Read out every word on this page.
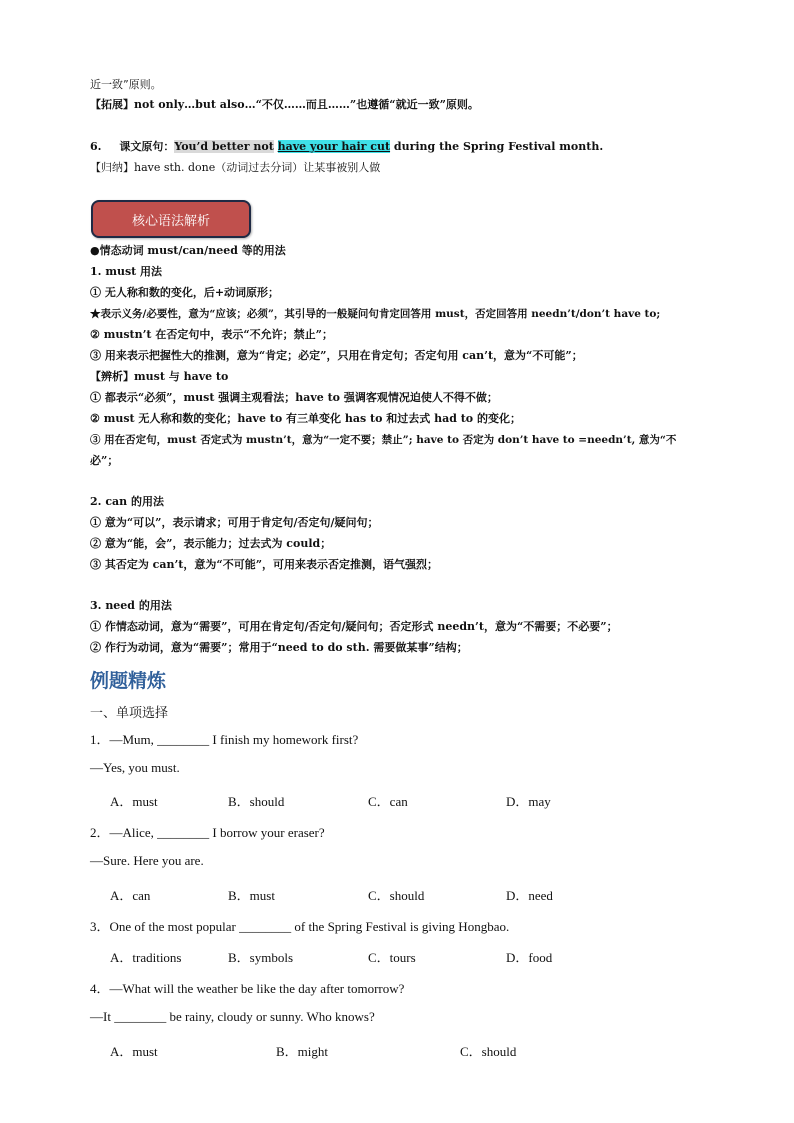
近一致”原则。
【拓展】not only…but also…“不仅……而且……”也遵循“就近一致”原则。
6. 课文原句：You’d better not have your hair cut during the Spring Festival month.
【归纳】have sth. done（动词过去分词）让某事被别人做
核心语法解析
●情态动词 must/can/need 等的用法
1. must 用法
① 无人称和数的变化，后+动词原形；
★表示义务/必要性，意为“应该；必须”，其引导的一般疑问句肯定回答用 must，否定回答用 needn’t/don’t have to;
② mustn’t 在否定句中，表示“不允许；禁止”；
③ 用来表示把握性大的推测，意为“肯定；必定”，只用在肯定句；否定句用 can’t，意为“不可能”；
【辨析】must 与 have to
① 都表示“必须”，must 强调主观看法；have to 强调客观情况迫使人不得不做；
② must 无人称和数的变化；have to 有三单变化 has to 和过去式 had to 的变化；
③ 用在否定句，must 否定式为 mustn’t，意为“一定不要；禁止”; have to 否定为 don’t have to =needn’t, 意为“不
必”；
2. can 的用法
① 意为“可以”，表示请求；可用于肯定句/否定句/疑问句；
② 意为“能，会”，表示能力；过去式为 could；
③ 其否定为 can’t，意为“不可能”，可用来表示否定推测，语气强烈；
3. need 的用法
① 作情态动词，意为“需要”，可用在肯定句/否定句/疑问句；否定形式 needn’t，意为“不需要；不必要”；
② 作行为动词，意为“需要”；常用于“need to do sth. 需要做某事”结构；
例题精炼
一、单项选择
1．—Mum, ________ I finish my homework first?
—Yes, you must.
A．must	B．should	C．can	D．may
2．—Alice, ________ I borrow your eraser?
—Sure. Here you are.
A．can	B．must	C．should	D．need
3．One of the most popular ________ of the Spring Festival is giving Hongbao.
A．traditions	B．symbols	C．tours	D．food
4．—What will the weather be like the day after tomorrow?
—It ________ be rainy, cloudy or sunny. Who knows?
A．must	B．might	C．should
